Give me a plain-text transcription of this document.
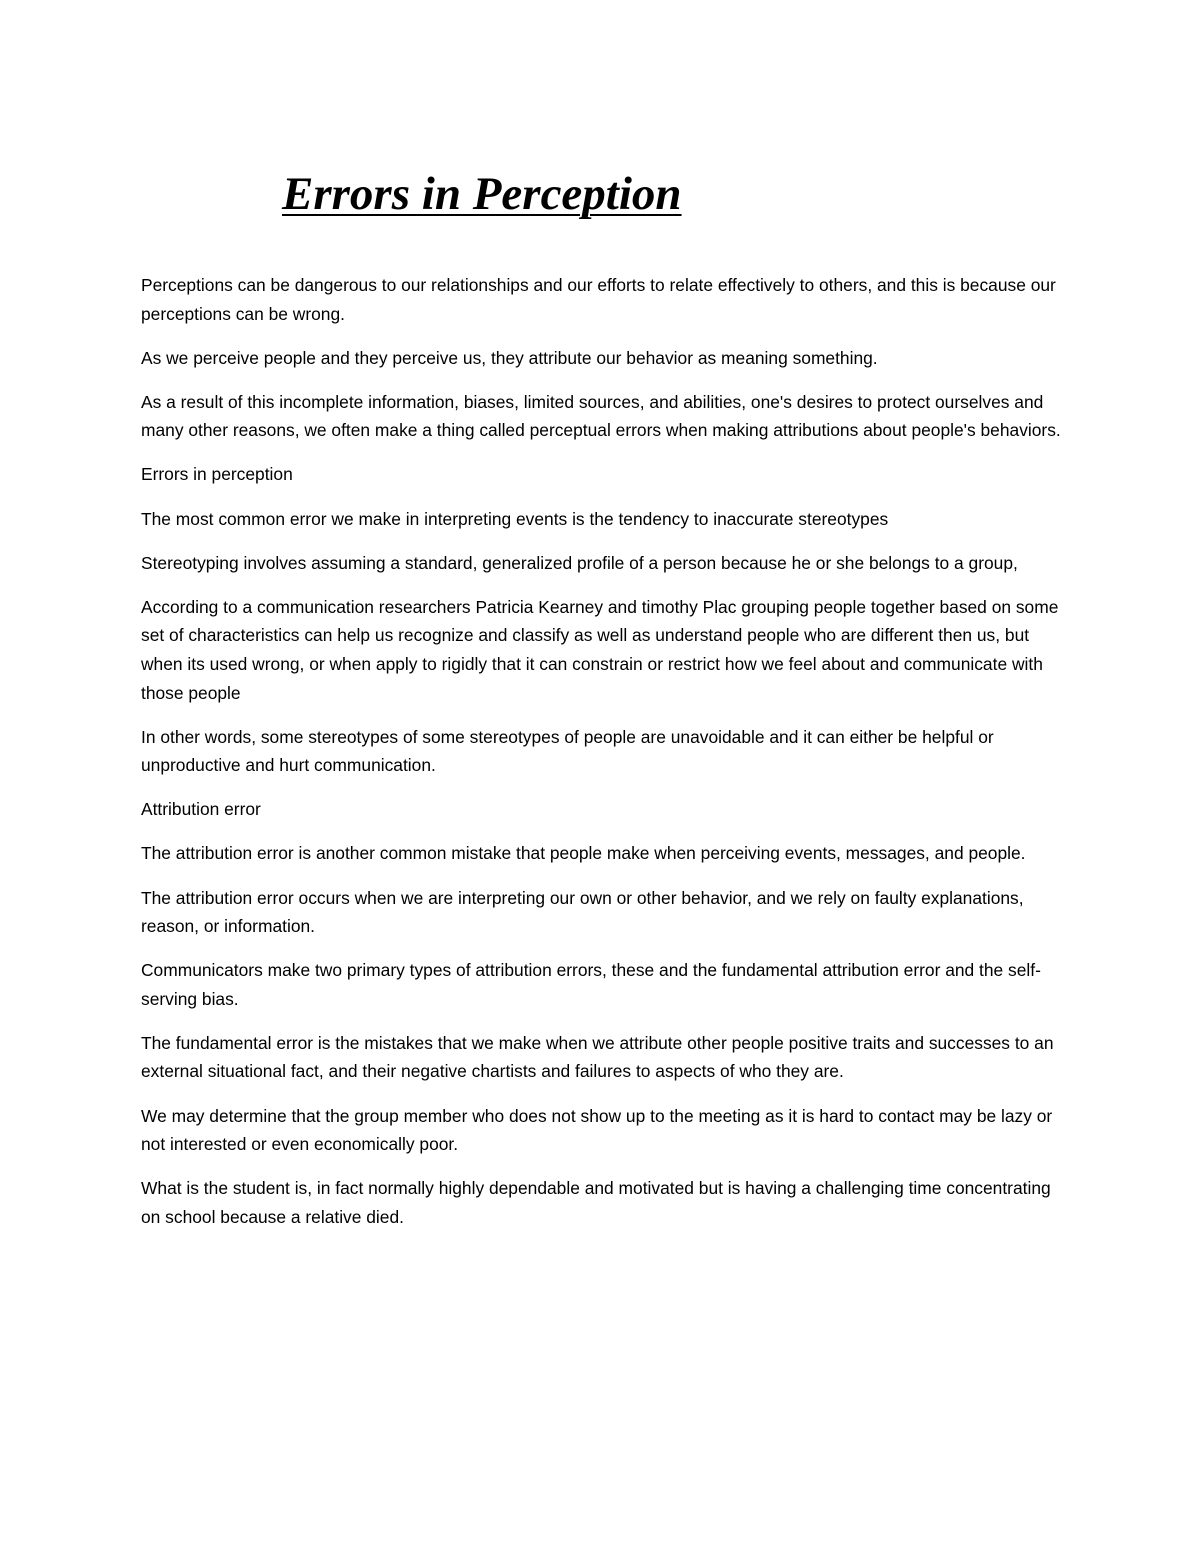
Errors in Perception

Perceptions can be dangerous to our relationships and our efforts to relate effectively to others, and this is because our perceptions can be wrong.

As we perceive people and they perceive us, they attribute our behavior as meaning something.

As a result of this incomplete information, biases, limited sources, and abilities, one's desires to protect ourselves and many other reasons, we often make a thing called perceptual errors when making attributions about people's behaviors.

Errors in perception

The most common error we make in interpreting events is the tendency to inaccurate stereotypes

Stereotyping involves assuming a standard, generalized profile of a person because he or she belongs to a group,

According to a communication researchers Patricia Kearney and timothy Plac grouping people together based on some set of characteristics can help us recognize and classify as well as understand people who are different then us, but when its used wrong, or when apply to rigidly that it can constrain or restrict how we feel about and communicate with those people

In other words, some stereotypes of some stereotypes of people are unavoidable and it can either be helpful or unproductive and hurt communication.

Attribution error

The attribution error is another common mistake that people make when perceiving events, messages, and people.

The attribution error occurs when we are interpreting our own or other behavior, and we rely on faulty explanations, reason, or information.

Communicators make two primary types of attribution errors, these and the fundamental attribution error and the self-serving bias.

The fundamental error is the mistakes that we make when we attribute other people positive traits and successes to an external situational fact, and their negative chartists and failures to aspects of who they are.

We may determine that the group member who does not show up to the meeting as it is hard to contact may be lazy or not interested or even economically poor.

What is the student is, in fact normally highly dependable and motivated but is having a challenging time concentrating on school because a relative died.
